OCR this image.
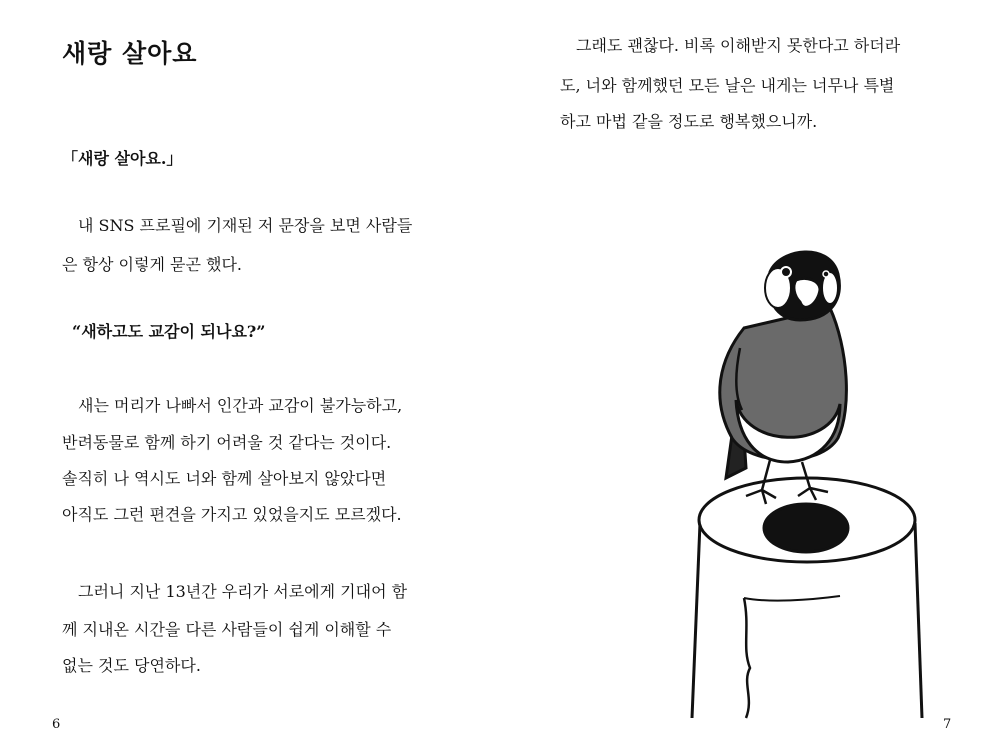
새랑 살아요
「새랑 살아요.」
내 SNS 프로필에 기재된 저 문장을 보면 사람들
은 항상 이렇게 묻곤 했다.
“새하고도 교감이 되나요?”
새는 머리가 나빠서 인간과 교감이 불가능하고,
반려동물로 함께 하기 어려울 것 같다는 것이다.
솔직히 나 역시도 너와 함께 살아보지 않았다면
아직도 그런 편견을 가지고 있었을지도 모르겠다.
그러니 지난 13년간 우리가 서로에게 기대어 함
께 지내온 시간을 다른 사람들이 쉽게 이해할 수
없는 것도 당연하다.
6
그래도 괜찮다. 비록 이해받지 못한다고 하더라
도, 너와 함께했던 모든 날은 내게는 너무나 특별
하고 마법 같을 정도로 행복했으니까.
7
